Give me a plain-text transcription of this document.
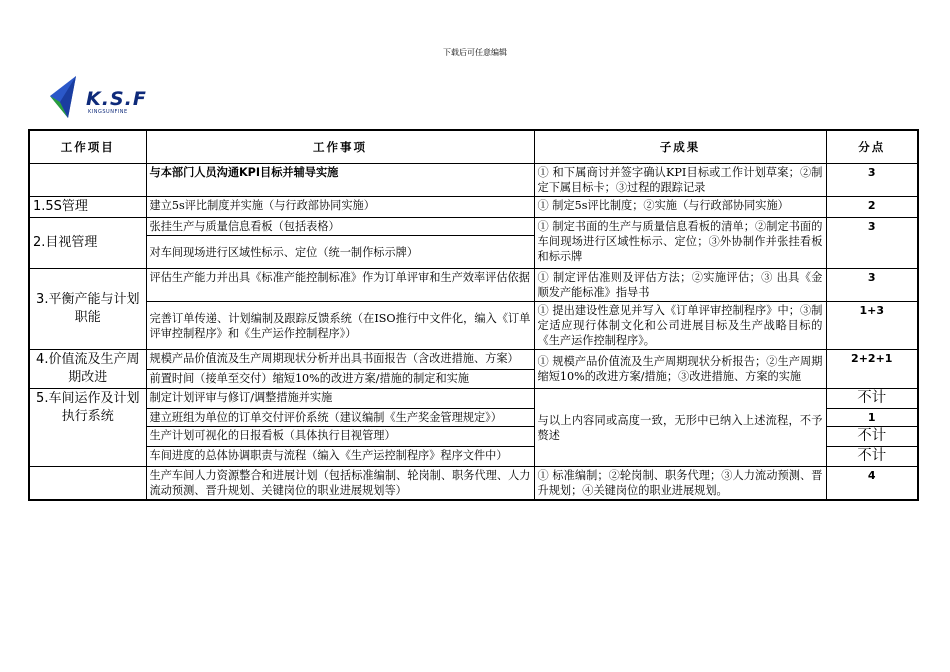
下载后可任意编辑
K.S.F
KINGSUNFINE
工作项目	工作事项	子成果	分点
	与本部门人员沟通KPI目标并辅导实施	① 和下属商讨并签字确认KPI目标或工作计划草案；②制定下属目标卡；③过程的跟踪记录	3
1.5S管理	建立5s评比制度并实施（与行政部协同实施）	① 制定5s评比制度；②实施（与行政部协同实施）	2
2.目视管理	张挂生产与质量信息看板（包括表格）	① 制定书面的生产与质量信息看板的清单；②制定书面的车间现场进行区域性标示、定位；③外协制作并张挂看板和标示牌	3
	对车间现场进行区域性标示、定位（统一制作标示牌）		
3.平衡产能与计划职能	评估生产能力并出具《标准产能控制标准》作为订单评审和生产效率评估依据	① 制定评估准则及评估方法；②实施评估；③ 出具《金顺发产能标准》指导书	3
	完善订单传递、计划编制及跟踪反馈系统（在ISO推行中文件化，编入《订单评审控制程序》和《生产运作控制程序》）	① 提出建设性意见并写入《订单评审控制程序》中；③制定适应现行体制文化和公司进展目标及生产战略目标的《生产运作控制程序》。	1+3
4.价值流及生产周期改进	规模产品价值流及生产周期现状分析并出具书面报告（含改进措施、方案）	① 规模产品价值流及生产周期现状分析报告；②生产周期缩短10%的改进方案/措施；③改进措施、方案的实施	2+2+1
	前置时间（接单至交付）缩短10%的改进方案/措施的制定和实施		
5.车间运作及计划执行系统	制定计划评审与修订/调整措施并实施	与以上内容同或高度一致，无形中已纳入上述流程，不予赘述	不计
	建立班组为单位的订单交付评价系统（建议编制《生产奖金管理规定》）		1
	生产计划可视化的日报看板（具体执行目视管理）		不计
	车间进度的总体协调职责与流程（编入《生产运控制程序》程序文件中）		不计
	生产车间人力资源整合和进展计划（包括标准编制、轮岗制、职务代理、人力流动预测、晋升规划、关键岗位的职业进展规划等）	① 标准编制；②轮岗制、职务代理；③人力流动预测、晋升规划；④关键岗位的职业进展规划。	4
